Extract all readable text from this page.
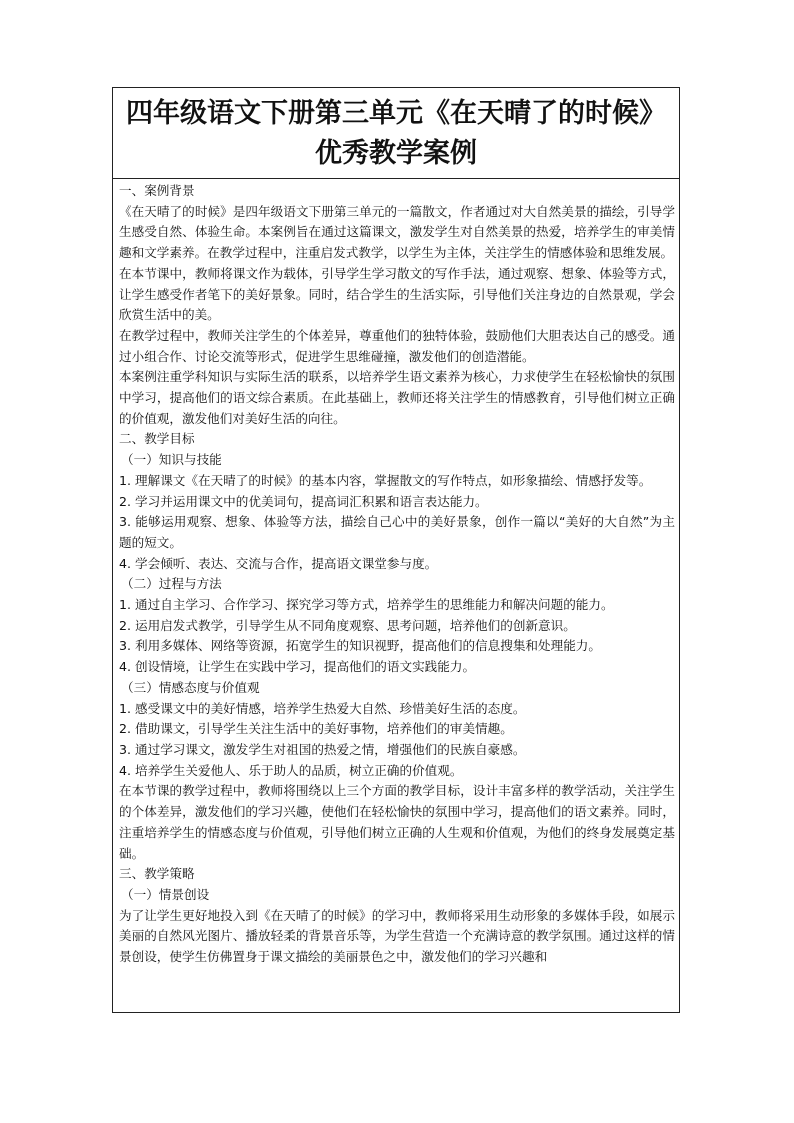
四年级语文下册第三单元《在天晴了的时候》
优秀教学案例

一、案例背景

《在天晴了的时候》是四年级语文下册第三单元的一篇散文，作者通过对大自然美景的描绘，引导学生感受自然、体验生命。本案例旨在通过这篇课文，激发学生对自然美景的热爱，培养学生的审美情趣和文学素养。在教学过程中，注重启发式教学，以学生为主体，关注学生的情感体验和思维发展。

在本节课中，教师将课文作为载体，引导学生学习散文的写作手法，通过观察、想象、体验等方式，让学生感受作者笔下的美好景象。同时，结合学生的生活实际，引导他们关注身边的自然景观，学会欣赏生活中的美。

在教学过程中，教师关注学生的个体差异，尊重他们的独特体验，鼓励他们大胆表达自己的感受。通过小组合作、讨论交流等形式，促进学生思维碰撞，激发他们的创造潜能。

本案例注重学科知识与实际生活的联系，以培养学生语文素养为核心，力求使学生在轻松愉快的氛围中学习，提高他们的语文综合素质。在此基础上，教师还将关注学生的情感教育，引导他们树立正确的价值观，激发他们对美好生活的向往。

二、教学目标

（一）知识与技能

1. 理解课文《在天晴了的时候》的基本内容，掌握散文的写作特点，如形象描绘、情感抒发等。

2. 学习并运用课文中的优美词句，提高词汇积累和语言表达能力。

3. 能够运用观察、想象、体验等方法，描绘自己心中的美好景象，创作一篇以“美好的大自然”为主题的短文。

4. 学会倾听、表达、交流与合作，提高语文课堂参与度。

（二）过程与方法

1. 通过自主学习、合作学习、探究学习等方式，培养学生的思维能力和解决问题的能力。

2. 运用启发式教学，引导学生从不同角度观察、思考问题，培养他们的创新意识。

3. 利用多媒体、网络等资源，拓宽学生的知识视野，提高他们的信息搜集和处理能力。

4. 创设情境，让学生在实践中学习，提高他们的语文实践能力。

（三）情感态度与价值观

1. 感受课文中的美好情感，培养学生热爱大自然、珍惜美好生活的态度。

2. 借助课文，引导学生关注生活中的美好事物，培养他们的审美情趣。

3. 通过学习课文，激发学生对祖国的热爱之情，增强他们的民族自豪感。

4. 培养学生关爱他人、乐于助人的品质，树立正确的价值观。

在本节课的教学过程中，教师将围绕以上三个方面的教学目标，设计丰富多样的教学活动，关注学生的个体差异，激发他们的学习兴趣，使他们在轻松愉快的氛围中学习，提高他们的语文素养。同时，注重培养学生的情感态度与价值观，引导他们树立正确的人生观和价值观，为他们的终身发展奠定基础。

三、教学策略

（一）情景创设

为了让学生更好地投入到《在天晴了的时候》的学习中，教师将采用生动形象的多媒体手段，如展示美丽的自然风光图片、播放轻柔的背景音乐等，为学生营造一个充满诗意的教学氛围。通过这样的情景创设，使学生仿佛置身于课文描绘的美丽景色之中，激发他们的学习兴趣和
